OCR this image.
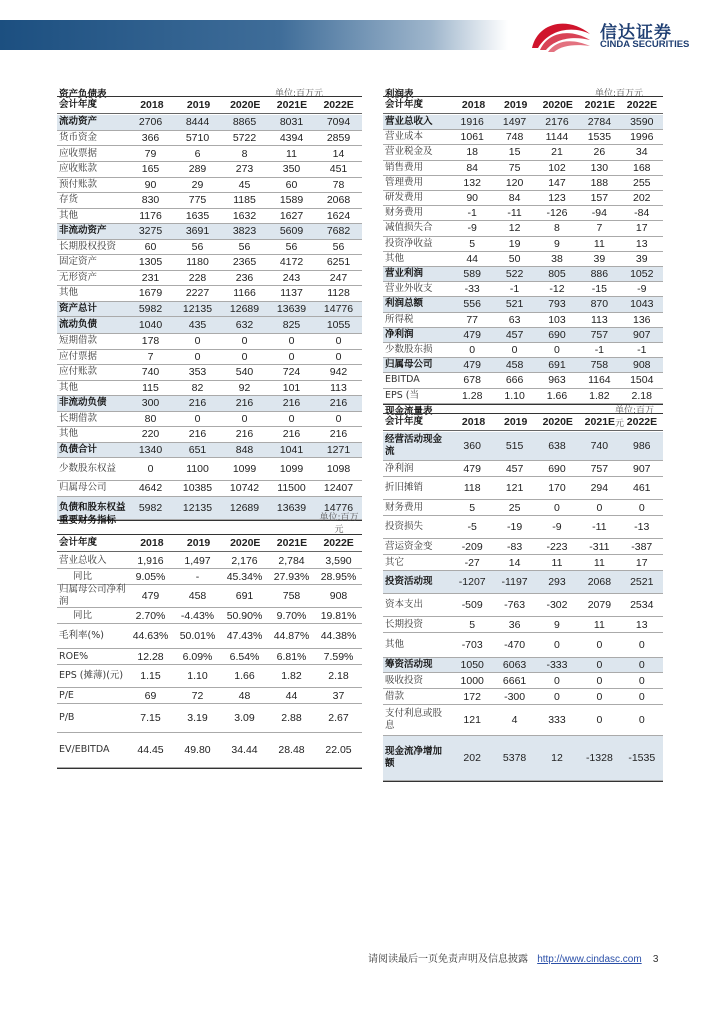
信达证券
CINDA SECURITIES
资产负债表	单位:百万元
会计年度	2018	2019	2020E	2021E	2022E
流动资产	2706	8444	8865	8031	7094
货币资金	366	5710	5722	4394	2859
应收票据	79	6	8	11	14
应收账款	165	289	273	350	451
预付账款	90	29	45	60	78
存货	830	775	1185	1589	2068
其他	1176	1635	1632	1627	1624
非流动资产	3275	3691	3823	5609	7682
长期股权投资	60	56	56	56	56
固定资产	1305	1180	2365	4172	6251
无形资产	231	228	236	243	247
其他	1679	2227	1166	1137	1128
资产总计	5982	12135	12689	13639	14776
流动负债	1040	435	632	825	1055
短期借款	178	0	0	0	0
应付票据	7	0	0	0	0
应付账款	740	353	540	724	942
其他	115	82	92	101	113
非流动负债	300	216	216	216	216
长期借款	80	0	0	0	0
其他	220	216	216	216	216
负债合计	1340	651	848	1041	1271
少数股东权益	0	1100	1099	1099	1098
归属母公司	4642	10385	10742	11500	12407
负债和股东权益	5982	12135	12689	13639	14776
利润表	单位:百万元
会计年度	2018	2019	2020E	2021E	2022E
营业总收入	1916	1497	2176	2784	3590
营业成本	1061	748	1144	1535	1996
营业税金及	18	15	21	26	34
销售费用	84	75	102	130	168
管理费用	132	120	147	188	255
研发费用	90	84	123	157	202
财务费用	-1	-11	-126	-94	-84
减值损失合	-9	12	8	7	17
投资净收益	5	19	9	11	13
其他	44	50	38	39	39
营业利润	589	522	805	886	1052
营业外收支	-33	-1	-12	-15	-9
利润总额	556	521	793	870	1043
所得税	77	63	103	113	136
净利润	479	457	690	757	907
少数股东损	0	0	0	-1	-1
归属母公司	479	458	691	758	908
EBITDA	678	666	963	1164	1504
EPS (当	1.28	1.10	1.66	1.82	2.18
重要财务指标	单位:百万元
会计年度	2018	2019	2020E	2021E	2022E
营业总收入	1,916	1,497	2,176	2,784	3,590
同比	9.05%	-	45.34%	27.93%	28.95%
归属母公司净利润	479	458	691	758	908
同比	2.70%	-4.43%	50.90%	9.70%	19.81%
毛利率(%)	44.63%	50.01%	47.43%	44.87%	44.38%
ROE%	12.28	6.09%	6.54%	6.81%	7.59%
EPS (摊薄)(元)	1.15	1.10	1.66	1.82	2.18
P/E	69	72	48	44	37
P/B	7.15	3.19	3.09	2.88	2.67
EV/EBITDA	44.45	49.80	34.44	28.48	22.05
现金流量表	单位:百万元
会计年度	2018	2019	2020E	2021E	2022E
经营活动现金流	360	515	638	740	986
净利润	479	457	690	757	907
折旧摊销	118	121	170	294	461
财务费用	5	25	0	0	0
投资损失	-5	-19	-9	-11	-13
营运资金变	-209	-83	-223	-311	-387
其它	-27	14	11	11	17
投资活动现	-1207	-1197	293	2068	2521
资本支出	-509	-763	-302	2079	2534
长期投资	5	36	9	11	13
其他	-703	-470	0	0	0
筹资活动现	1050	6063	-333	0	0
吸收投资	1000	6661	0	0	0
借款	172	-300	0	0	0
支付利息或股息	121	4	333	0	0
现金流净增加额	202	5378	12	-1328	-1535
请阅读最后一页免责声明及信息披露 http://www.cindasc.com 3
